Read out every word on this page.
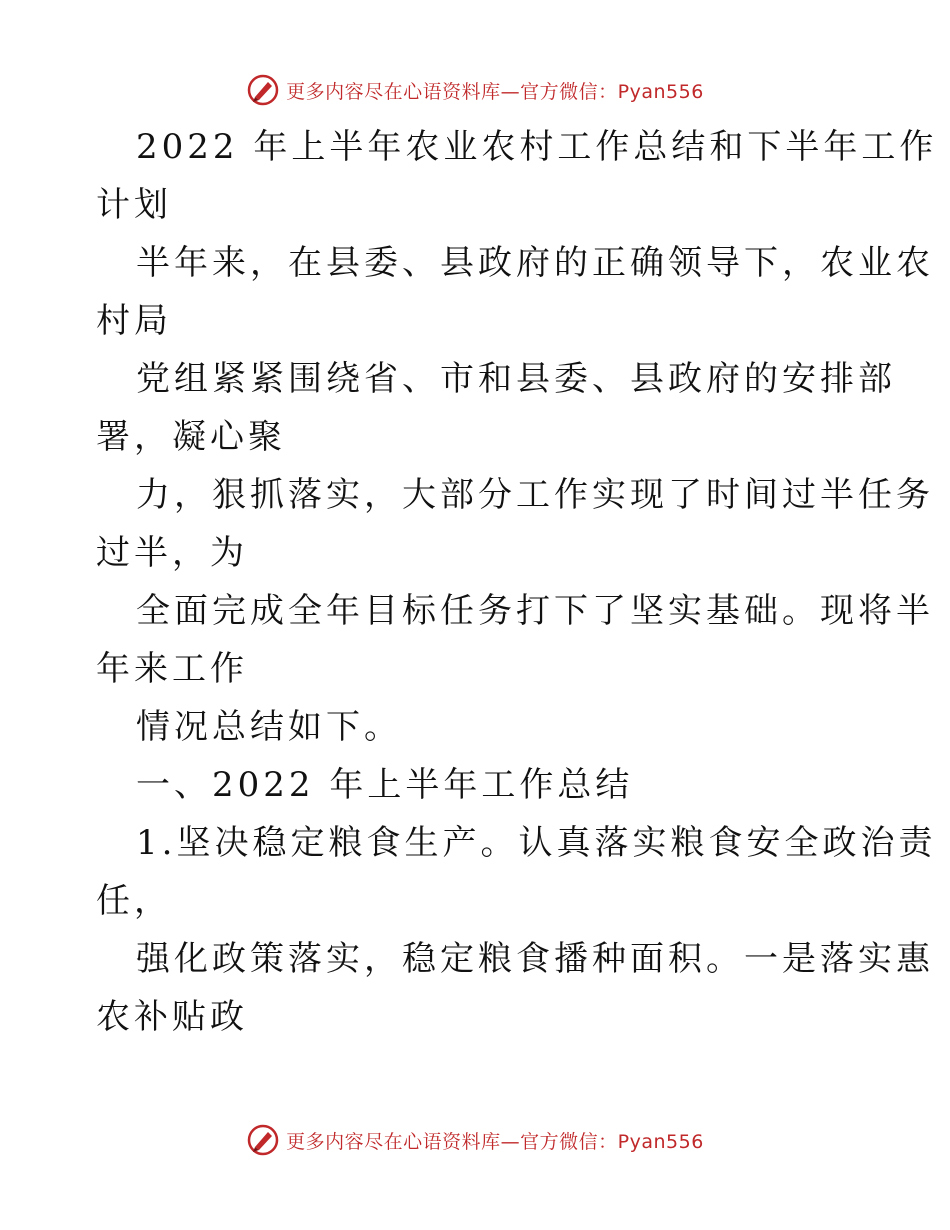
更多内容尽在心语资料库—官方微信：Pyan556
2022 年上半年农业农村工作总结和下半年工作
计划
半年来，在县委、县政府的正确领导下，农业农
村局
党组紧紧围绕省、市和县委、县政府的安排部
署，凝心聚
力，狠抓落实，大部分工作实现了时间过半任务
过半，为
全面完成全年目标任务打下了坚实基础。现将半
年来工作
情况总结如下。
一、2022 年上半年工作总结
1.坚决稳定粮食生产。认真落实粮食安全政治责
任，
强化政策落实，稳定粮食播种面积。一是落实惠
农补贴政
更多内容尽在心语资料库—官方微信：Pyan556
